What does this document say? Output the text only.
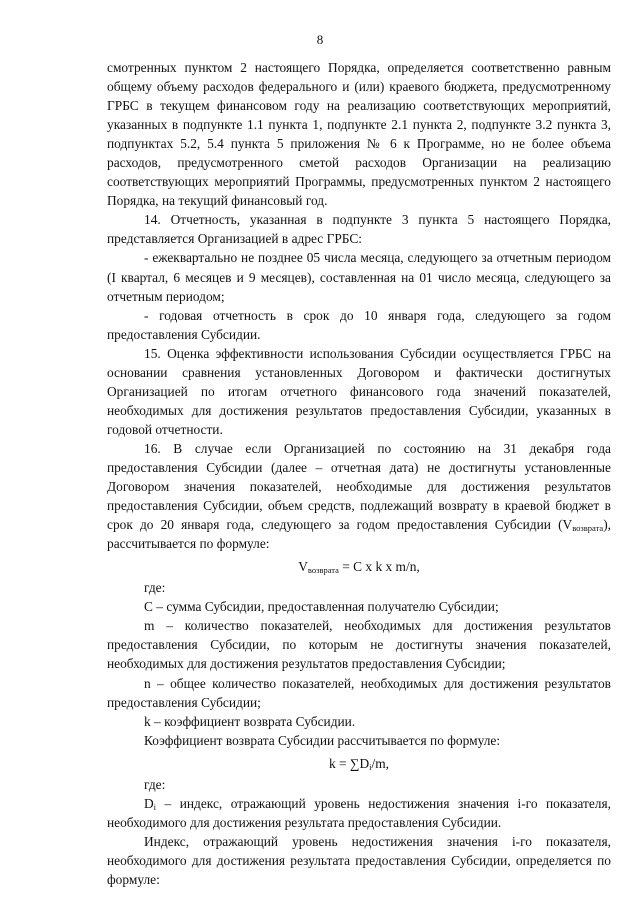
8

смотренных пунктом 2 настоящего Порядка, определяется соответственно равным общему объему расходов федерального и (или) краевого бюджета, предусмотренному ГРБС в текущем финансовом году на реализацию соответствующих мероприятий, указанных в подпункте 1.1 пункта 1, подпункте 2.1 пункта 2, подпункте 3.2 пункта 3, подпунктах 5.2, 5.4 пункта 5 приложения № 6 к Программе, но не более объема расходов, предусмотренного сметой расходов Организации на реализацию соответствующих мероприятий Программы, предусмотренных пунктом 2 настоящего Порядка, на текущий финансовый год.

14. Отчетность, указанная в подпункте 3 пункта 5 настоящего Порядка, представляется Организацией в адрес ГРБС:

- ежеквартально не позднее 05 числа месяца, следующего за отчетным периодом (I квартал, 6 месяцев и 9 месяцев), составленная на 01 число месяца, следующего за отчетным периодом;

- годовая отчетность в срок до 10 января года, следующего за годом предоставления Субсидии.

15. Оценка эффективности использования Субсидии осуществляется ГРБС на основании сравнения установленных Договором и фактически достигнутых Организацией по итогам отчетного финансового года значений показателей, необходимых для достижения результатов предоставления Субсидии, указанных в годовой отчетности.

16. В случае если Организацией по состоянию на 31 декабря года предоставления Субсидии (далее – отчетная дата) не достигнуты установленные Договором значения показателей, необходимые для достижения результатов предоставления Субсидии, объем средств, подлежащий возврату в краевой бюджет в срок до 20 января года, следующего за годом предоставления Субсидии $(V_{возврата})$, рассчитывается по формуле:

$V_{возврата} = C$ x k x m/n,

где:

C – сумма Субсидии, предоставленная получателю Субсидии;

m – количество показателей, необходимых для достижения результатов предоставления Субсидии, по которым не достигнуты значения показателей, необходимых для достижения результатов предоставления Субсидии;

n – общее количество показателей, необходимых для достижения результатов предоставления Субсидии;

k – коэффициент возврата Субсидии.

Коэффициент возврата Субсидии рассчитывается по формуле:

$k = \sum D_i/m$,

где:

$D_i$ – индекс, отражающий уровень недостижения значения i-го показателя, необходимого для достижения результата предоставления Субсидии.

Индекс, отражающий уровень недостижения значения i-го показателя, необходимого для достижения результата предоставления Субсидии, определяется по формуле:
